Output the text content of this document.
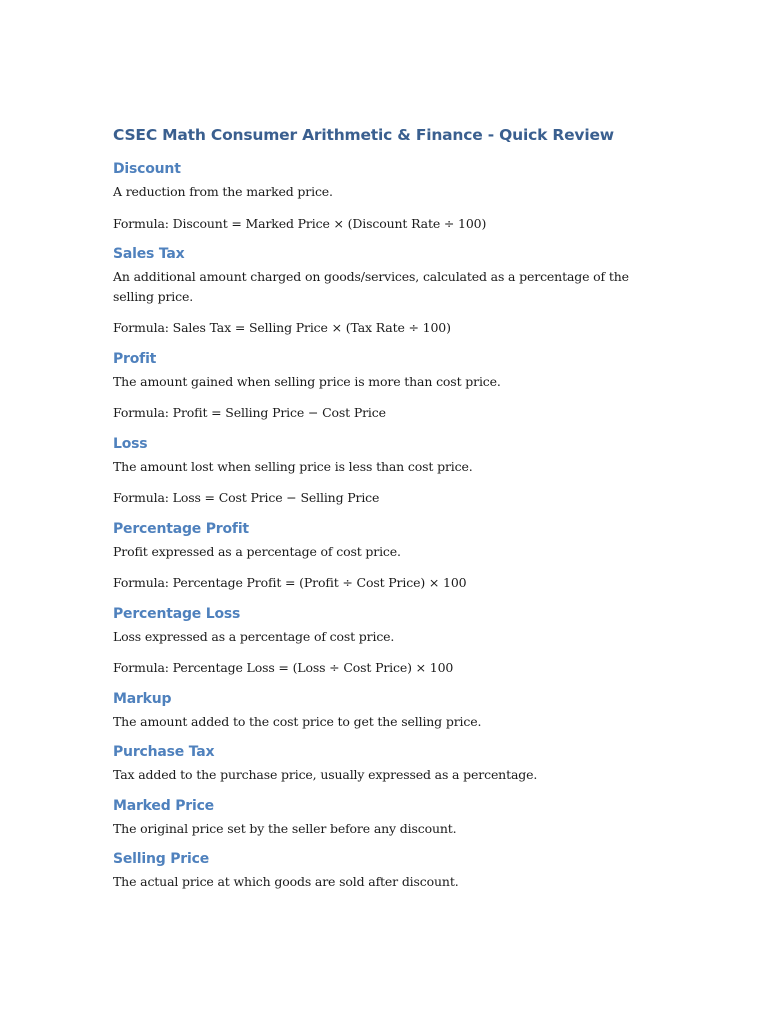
CSEC Math Consumer Arithmetic & Finance - Quick Review
Discount

A reduction from the marked price.

Formula: Discount = Marked Price × (Discount Rate ÷ 100)

Sales Tax

An additional amount charged on goods/services, calculated as a percentage of the selling price.

Formula: Sales Tax = Selling Price × (Tax Rate ÷ 100)

Profit

The amount gained when selling price is more than cost price.

Formula: Profit = Selling Price − Cost Price

Loss

The amount lost when selling price is less than cost price.

Formula: Loss = Cost Price − Selling Price

Percentage Profit

Profit expressed as a percentage of cost price.

Formula: Percentage Profit = (Profit ÷ Cost Price) × 100

Percentage Loss

Loss expressed as a percentage of cost price.

Formula: Percentage Loss = (Loss ÷ Cost Price) × 100

Markup

The amount added to the cost price to get the selling price.

Purchase Tax

Tax added to the purchase price, usually expressed as a percentage.

Marked Price

The original price set by the seller before any discount.

Selling Price

The actual price at which goods are sold after discount.
